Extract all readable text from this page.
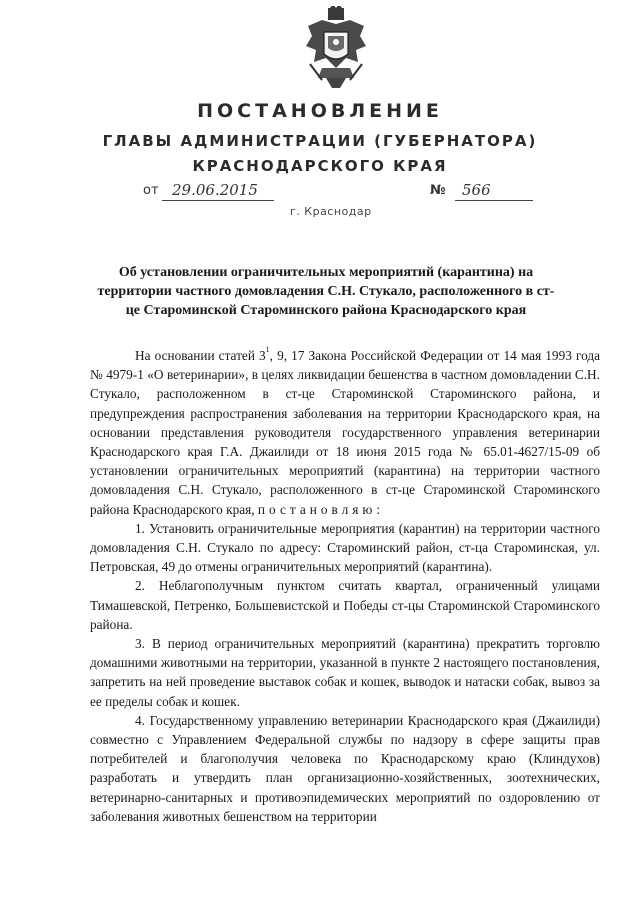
ПОСТАНОВЛЕНИЕ
ГЛАВЫ АДМИНИСТРАЦИИ (ГУБЕРНАТОРА)
КРАСНОДАРСКОГО КРАЯ
от 29.06.2015	№ 566
г. Краснодар
Об установлении ограничительных мероприятий (карантина) на территории частного домовладения С.Н. Стукало, расположенного в ст-це Староминской Староминского района Краснодарского края

На основании статей $3^1$, 9, 17 Закона Российской Федерации от 14 мая 1993 года № 4979-1 «О ветеринарии», в целях ликвидации бешенства в частном домовладении С.Н. Стукало, расположенном в ст-це Староминской Староминского района, и предупреждения распространения заболевания на территории Краснодарского края, на основании представления руководителя государственного управления ветеринарии Краснодарского края Г.А. Джаилиди от 18 июня 2015 года № 65.01-4627/15-09 об установлении ограничительных мероприятий (карантина) на территории частного домовладения С.Н. Стукало, расположенного в ст-це Староминской Староминского района Краснодарского края, постановляю:

1. Установить ограничительные мероприятия (карантин) на территории частного домовладения С.Н. Стукало по адресу: Староминский район, ст-ца Староминская, ул. Петровская, 49 до отмены ограничительных мероприятий (карантина).

2. Неблагополучным пунктом считать квартал, ограниченный улицами Тимашевской, Петренко, Большевистской и Победы ст-цы Староминской Староминского района.

3. В период ограничительных мероприятий (карантина) прекратить торговлю домашними животными на территории, указанной в пункте 2 настоящего постановления, запретить на ней проведение выставок собак и кошек, выводок и натаски собак, вывоз за ее пределы собак и кошек.

4. Государственному управлению ветеринарии Краснодарского края (Джаилиди) совместно с Управлением Федеральной службы по надзору в сфере защиты прав потребителей и благополучия человека по Краснодарскому краю (Клиндухов) разработать и утвердить план организационно-хозяйственных, зоотехнических, ветеринарно-санитарных и противоэпидемических мероприятий по оздоровлению от заболевания животных бешенством на территории
